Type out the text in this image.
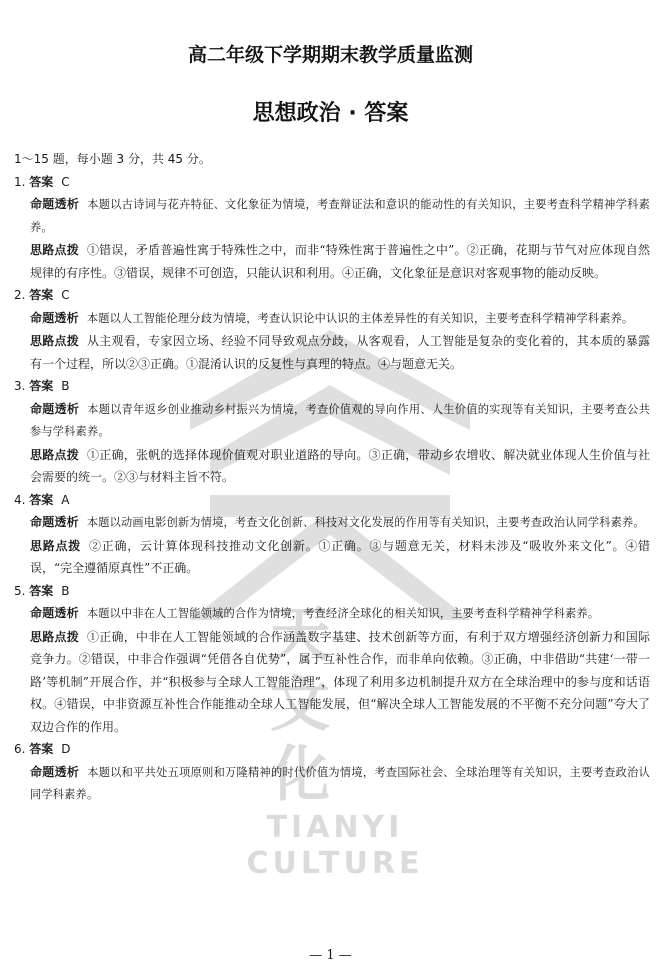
天 文 化
TIANYI CULTURE
高二年级下学期期末教学质量监测
思想政治 · 答案

1～15 题，每小题 3 分，共 45 分。

1. 答案 C

命题透析 本题以古诗词与花卉特征、文化象征为情境，考查辩证法和意识的能动性的有关知识，主要考查科学精神学科素养。

思路点拨 ①错误，矛盾普遍性寓于特殊性之中，而非“特殊性寓于普遍性之中”。②正确，花期与节气对应体现自然规律的有序性。③错误，规律不可创造，只能认识和利用。④正确，文化象征是意识对客观事物的能动反映。

2. 答案 C

命题透析 本题以人工智能伦理分歧为情境，考查认识论中认识的主体差异性的有关知识，主要考查科学精神学科素养。

思路点拨 从主观看，专家因立场、经验不同导致观点分歧，从客观看，人工智能是复杂的变化着的，其本质的暴露有一个过程，所以②③正确。①混淆认识的反复性与真理的特点。④与题意无关。

3. 答案 B

命题透析 本题以青年返乡创业推动乡村振兴为情境，考查价值观的导向作用、人生价值的实现等有关知识，主要考查公共参与学科素养。

思路点拨 ①正确，张帆的选择体现价值观对职业道路的导向。③正确，带动乡农增收、解决就业体现人生价值与社会需要的统一。②③与材料主旨不符。

4. 答案 A

命题透析 本题以动画电影创新为情境，考查文化创新、科技对文化发展的作用等有关知识，主要考查政治认同学科素养。

思路点拨 ②正确，云计算体现科技推动文化创新。①正确。③与题意无关，材料未涉及“吸收外来文化”。④错误，“完全遵循原真性”不正确。

5. 答案 B

命题透析 本题以中非在人工智能领域的合作为情境，考查经济全球化的相关知识，主要考查科学精神学科素养。

思路点拨 ①正确，中非在人工智能领域的合作涵盖数字基建、技术创新等方面，有利于双方增强经济创新力和国际竞争力。②错误，中非合作强调“凭借各自优势”，属于互补性合作，而非单向依赖。③正确，中非借助“共建‘一带一路’等机制”开展合作，并“积极参与全球人工智能治理”，体现了利用多边机制提升双方在全球治理中的参与度和话语权。④错误，中非资源互补性合作能推动全球人工智能发展，但“解决全球人工智能发展的不平衡不充分问题”夸大了双边合作的作用。

6. 答案 D

命题透析 本题以和平共处五项原则和万隆精神的时代价值为情境，考查国际社会、全球治理等有关知识，主要考查政治认同学科素养。

— 1 —
